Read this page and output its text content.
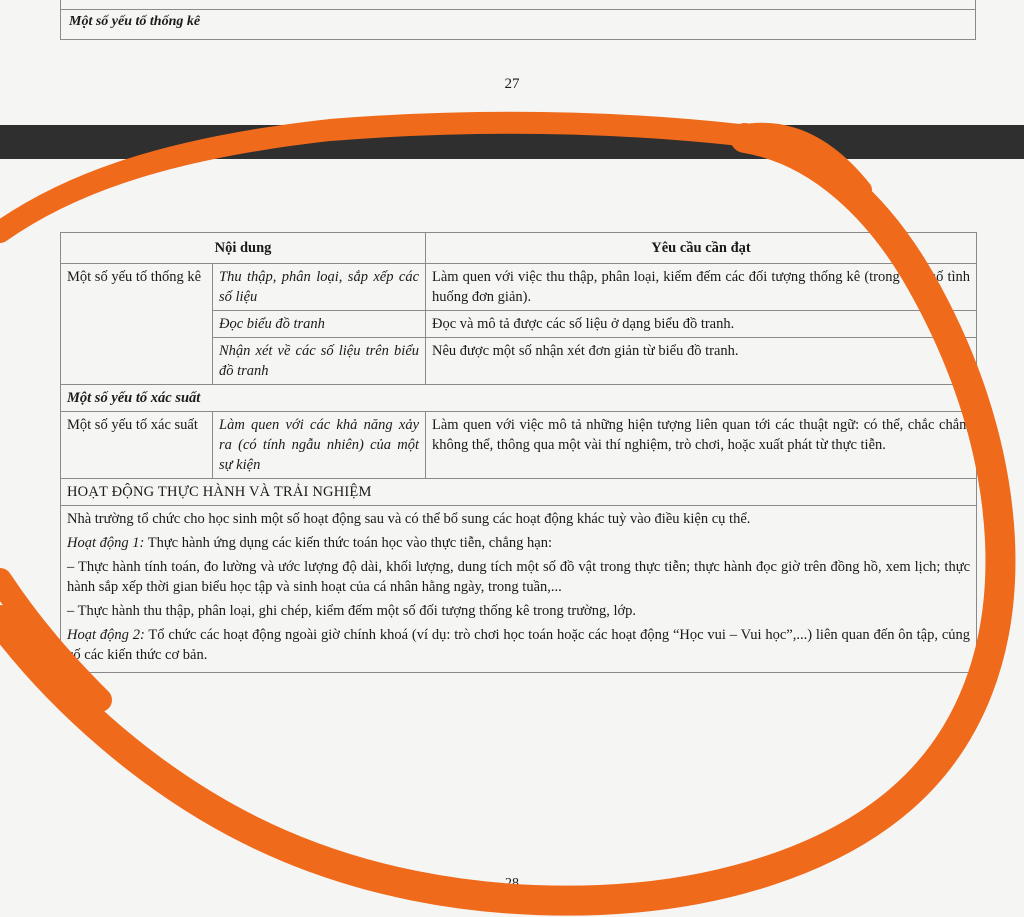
Một số yếu tố thống kê
27
Nội dung		Yêu cầu cần đạt
Một số yếu tố thống kê	Thu thập, phân loại, sắp xếp các số liệu	Làm quen với việc thu thập, phân loại, kiểm đếm các đối tượng thống kê (trong một số tình huống đơn giản).
	Đọc biểu đồ tranh	Đọc và mô tả được các số liệu ở dạng biểu đồ tranh.
	Nhận xét về các số liệu trên biểu đồ tranh	Nêu được một số nhận xét đơn giản từ biểu đồ tranh.
Một số yếu tố xác suất		
Một số yếu tố xác suất	Làm quen với các khả năng xảy ra (có tính ngẫu nhiên) của một sự kiện	Làm quen với việc mô tả những hiện tượng liên quan tới các thuật ngữ: có thể, chắc chắn, không thể, thông qua một vài thí nghiệm, trò chơi, hoặc xuất phát từ thực tiễn.
HOẠT ĐỘNG THỰC HÀNH VÀ TRẢI NGHIỆM		

Nhà trường tổ chức cho học sinh một số hoạt động sau và có thể bổ sung các hoạt động khác tuỳ vào điều kiện cụ thể.

Hoạt động 1: Thực hành ứng dụng các kiến thức toán học vào thực tiễn, chẳng hạn:

– Thực hành tính toán, đo lường và ước lượng độ dài, khối lượng, dung tích một số đồ vật trong thực tiễn; thực hành đọc giờ trên đồng hồ, xem lịch; thực hành sắp xếp thời gian biểu học tập và sinh hoạt của cá nhân hằng ngày, trong tuần,...

– Thực hành thu thập, phân loại, ghi chép, kiểm đếm một số đối tượng thống kê trong trường, lớp.

Hoạt động 2: Tổ chức các hoạt động ngoài giờ chính khoá (ví dụ: trò chơi học toán hoặc các hoạt động “Học vui – Vui học”,...) liên quan đến ôn tập, củng cố các kiến thức cơ bản.		

28
